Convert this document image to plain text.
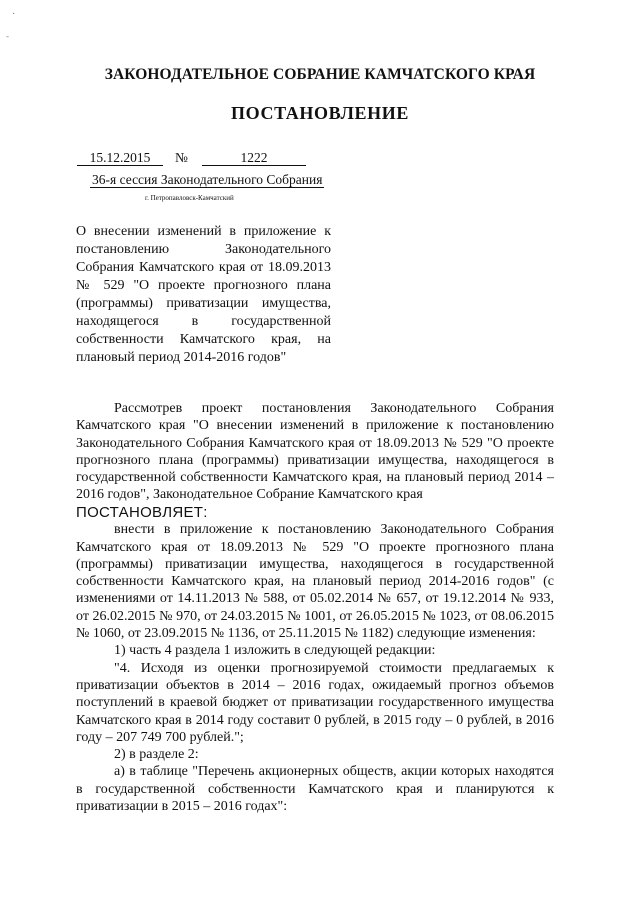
·
-
ЗАКОНОДАТЕЛЬНОЕ СОБРАНИЕ КАМЧАТСКОГО КРАЯ
ПОСТАНОВЛЕНИЕ
15.12.2015	№	1222
36-я сессия Законодательного Собрания
г. Петропавловск-Камчатский

О внесении изменений в приложение к постановлению Законодательного Собрания Камчатского края от 18.09.2013 № 529 "О проекте прогнозного плана (программы) приватизации имущества, находящегося в государственной собственности Камчатского края, на плановый период 2014-2016 годов"

Рассмотрев проект постановления Законодательного Собрания Камчатского края "О внесении изменений в приложение к постановлению Законодательного Собрания Камчатского края от 18.09.2013 № 529 "О проекте прогнозного плана (программы) приватизации имущества, находящегося в государственной собственности Камчатского края, на плановый период 2014 – 2016 годов", Законодательное Собрание Камчатского края

ПОСТАНОВЛЯЕТ:

внести в приложение к постановлению Законодательного Собрания Камчатского края от 18.09.2013 № 529 "О проекте прогнозного плана (программы) приватизации имущества, находящегося в государственной собственности Камчатского края, на плановый период 2014-2016 годов" (с изменениями от 14.11.2013 № 588, от 05.02.2014 № 657, от 19.12.2014 № 933, от 26.02.2015 № 970, от 24.03.2015 № 1001, от 26.05.2015 № 1023, от 08.06.2015 № 1060, от 23.09.2015 № 1136, от 25.11.2015 № 1182) следующие изменения:

1) часть 4 раздела 1 изложить в следующей редакции:

"4. Исходя из оценки прогнозируемой стоимости предлагаемых к приватизации объектов в 2014 – 2016 годах, ожидаемый прогноз объемов поступлений в краевой бюджет от приватизации государственного имущества Камчатского края в 2014 году составит 0 рублей, в 2015 году – 0 рублей, в 2016 году – 207 749 700 рублей.";

2) в разделе 2:

а) в таблице "Перечень акционерных обществ, акции которых находятся в государственной собственности Камчатского края и планируются к приватизации в 2015 – 2016 годах":
